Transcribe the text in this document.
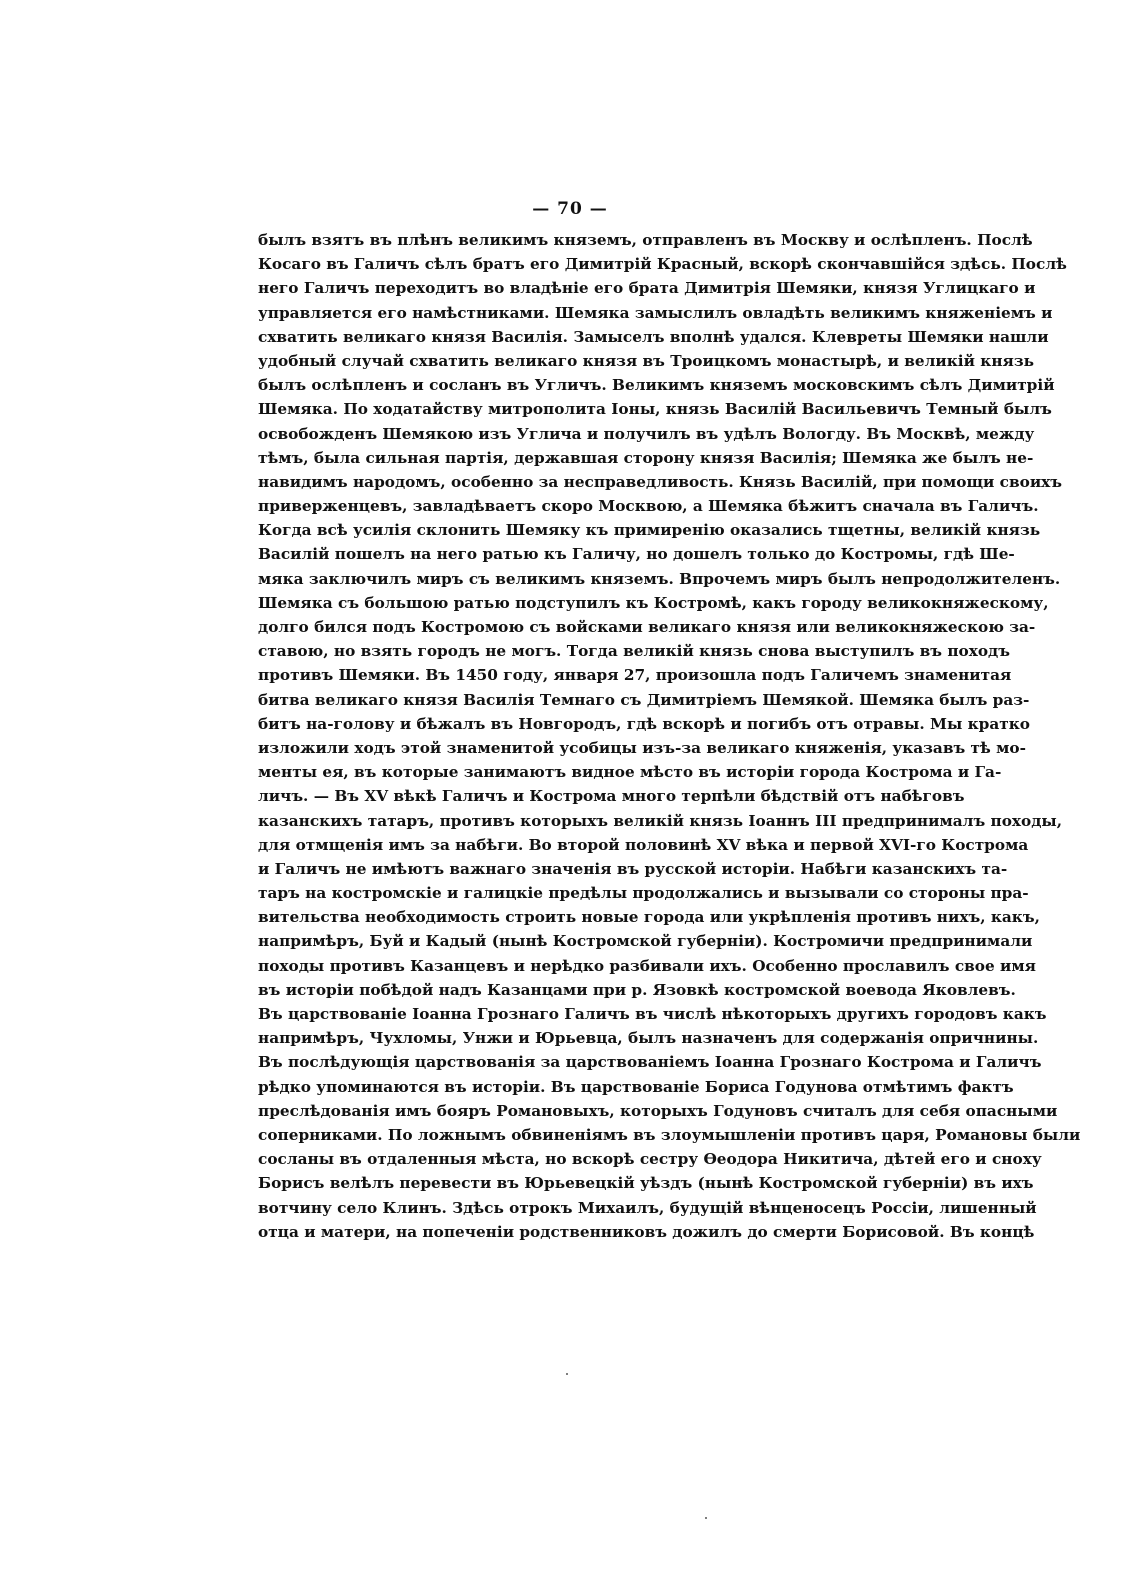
— 70 —
былъ взятъ въ плѣнъ великимъ княземъ, отправленъ въ Москву и ослѣпленъ. Послѣ
Косаго въ Галичъ сѣлъ братъ его Димитрій Красный, вскорѣ скончавшійся здѣсь. Послѣ
него Галичъ переходитъ во владѣніе его брата Димитрія Шемяки, князя Углицкаго и
управляется его намѣстниками. Шемяка замыслилъ овладѣть великимъ княженіемъ и
схватить великаго князя Василія. Замыселъ вполнѣ удался. Клевреты Шемяки нашли
удобный случай схватить великаго князя въ Троицкомъ монастырѣ, и великій князь
былъ ослѣпленъ и сосланъ въ Угличъ. Великимъ княземъ московскимъ сѣлъ Димитрій
Шемяка. По ходатайству митрополита Іоны, князь Василій Васильевичъ Темный былъ
освобожденъ Шемякою изъ Углича и получилъ въ удѣлъ Вологду. Въ Москвѣ, между
тѣмъ, была сильная партія, державшая сторону князя Василія; Шемяка же былъ не-
навидимъ народомъ, особенно за несправедливость. Князь Василій, при помощи своихъ
приверженцевъ, завладѣваетъ скоро Москвою, а Шемяка бѣжитъ сначала въ Галичъ.
Когда всѣ усилія склонить Шемяку къ примиренію оказались тщетны, великій князь
Василій пошелъ на него ратью къ Галичу, но дошелъ только до Костромы, гдѣ Ше-
мяка заключилъ миръ съ великимъ княземъ. Впрочемъ миръ былъ непродолжителенъ.
Шемяка съ большою ратью подступилъ къ Костромѣ, какъ городу великокняжескому,
долго бился подъ Костромою съ войсками великаго князя или великокняжескою за-
ставою, но взять городъ не могъ. Тогда великій князь снова выступилъ въ походъ
противъ Шемяки. Въ 1450 году, января 27, произошла подъ Галичемъ знаменитая
битва великаго князя Василія Темнаго съ Димитріемъ Шемякой. Шемяка былъ раз-
битъ на-голову и бѣжалъ въ Новгородъ, гдѣ вскорѣ и погибъ отъ отравы. Мы кратко
изложили ходъ этой знаменитой усобицы изъ-за великаго княженія, указавъ тѣ мо-
менты ея, въ которые занимаютъ видное мѣсто въ исторіи города Кострома и Га-
личъ. — Въ XV вѣкѣ Галичъ и Кострома много терпѣли бѣдствій отъ набѣговъ
казанскихъ татаръ, противъ которыхъ великій князь Іоаннъ III предпринималъ походы,
для отмщенія имъ за набѣги. Во второй половинѣ XV вѣка и первой XVI-го Кострома
и Галичъ не имѣютъ важнаго значенія въ русской исторіи. Набѣги казанскихъ та-
таръ на костромскіе и галицкіе предѣлы продолжались и вызывали со стороны пра-
вительства необходимость строить новые города или укрѣпленія противъ нихъ, какъ,
напримѣръ, Буй и Кадый (нынѣ Костромской губерніи). Костромичи предпринимали
походы противъ Казанцевъ и нерѣдко разбивали ихъ. Особенно прославилъ свое имя
въ исторіи побѣдой надъ Казанцами при р. Язовкѣ костромской воевода Яковлевъ.
Въ царствованіе Іоанна Грознаго Галичъ въ числѣ нѣкоторыхъ другихъ городовъ какъ
напримѣръ, Чухломы, Унжи и Юрьевца, былъ назначенъ для содержанія опричнины.
Въ послѣдующія царствованія за царствованіемъ Іоанна Грознаго Кострома и Галичъ
рѣдко упоминаются въ исторіи. Въ царствованіе Бориса Годунова отмѣтимъ фактъ
преслѣдованія имъ бояръ Романовыхъ, которыхъ Годуновъ считалъ для себя опасными
соперниками. По ложнымъ обвиненіямъ въ злоумышленіи противъ царя, Романовы были
сосланы въ отдаленныя мѣста, но вскорѣ сестру Ѳеодора Никитича, дѣтей его и сноху
Борисъ велѣлъ перевести въ Юрьевецкій уѣздъ (нынѣ Костромской губерніи) въ ихъ
вотчину село Клинъ. Здѣсь отрокъ Михаилъ, будущій вѣнценосецъ Россіи, лишенный
отца и матери, на попеченіи родственниковъ дожилъ до смерти Борисовой. Въ концѣ
